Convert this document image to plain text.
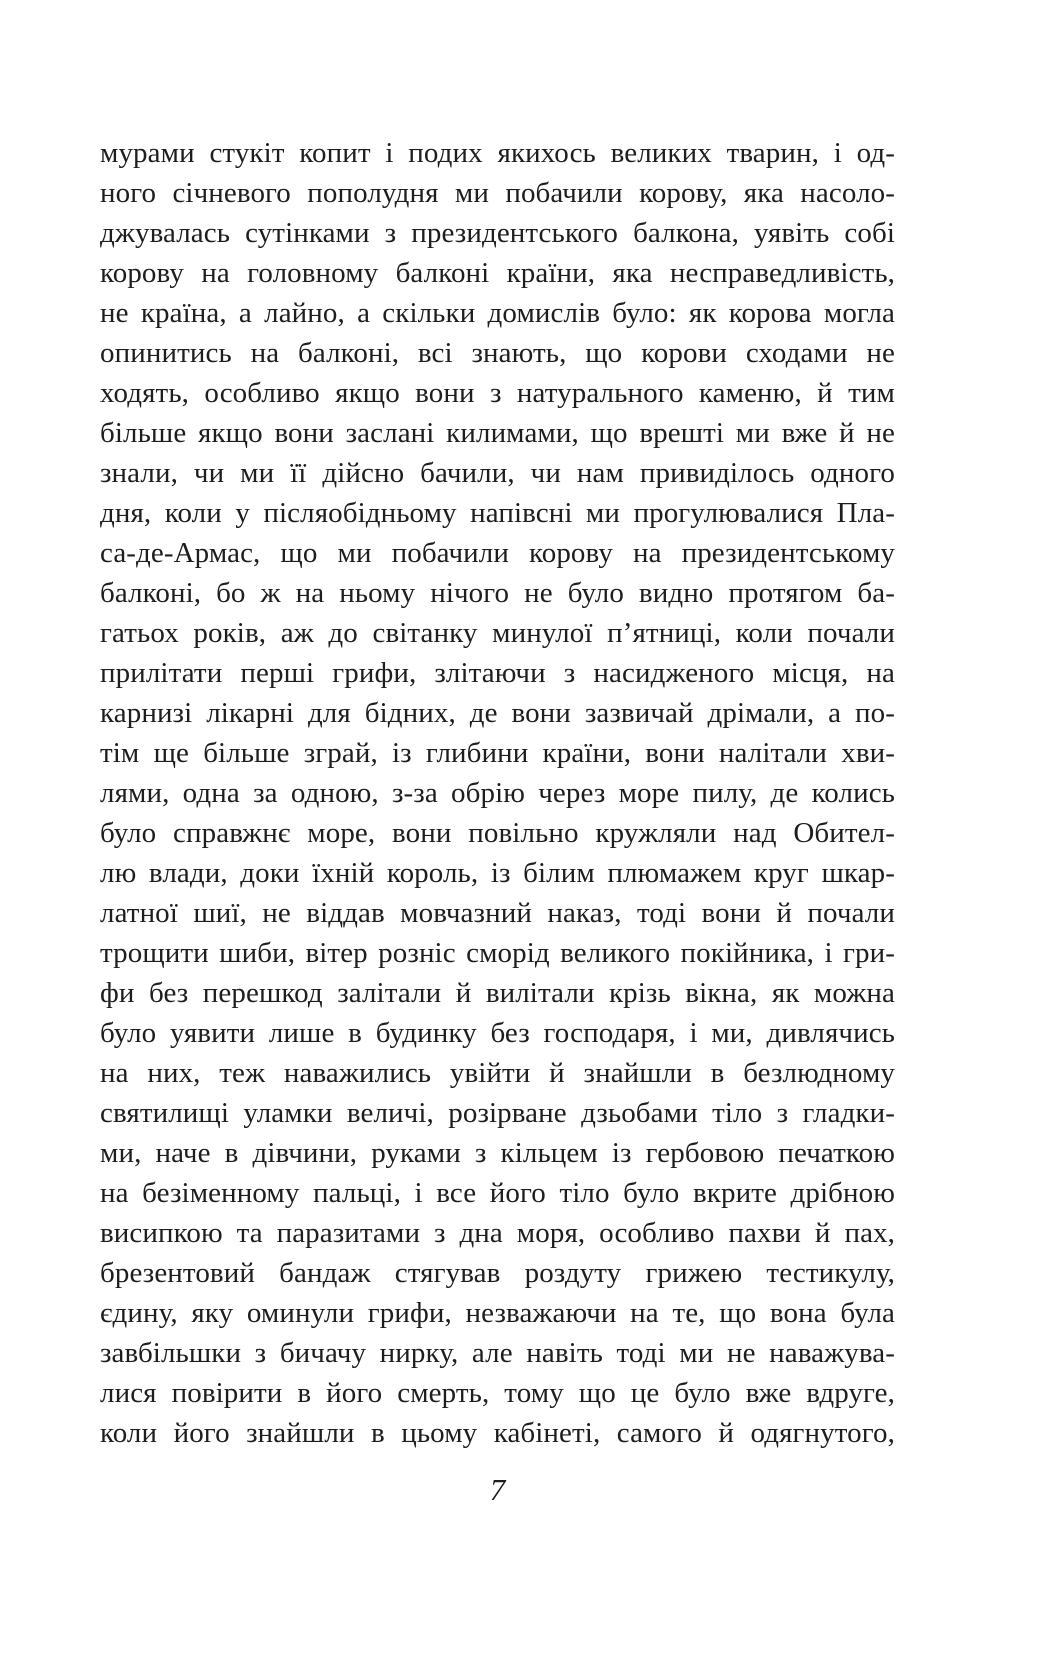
мурами стукіт копит і подих якихось великих тварин, і од-
ного січневого пополудня ми побачили корову, яка насоло-
джувалась сутінками з президентського балкона, уявіть собі
корову на головному балконі країни, яка несправедливість,
не країна, а лайно, а скільки домислів було: як корова могла
опинитись на балконі, всі знають, що корови сходами не
ходять, особливо якщо вони з натурального каменю, й тим
більше якщо вони заслані килимами, що врешті ми вже й не
знали, чи ми її дійсно бачили, чи нам привиділось одного
дня, коли у післяобідньому напівсні ми прогулювалися Пла-
са-де-Армас, що ми побачили корову на президентському
балконі, бо ж на ньому нічого не було видно протягом ба-
гатьох років, аж до світанку минулої п’ятниці, коли почали
прилітати перші грифи, злітаючи з насидженого місця, на
карнизі лікарні для бідних, де вони зазвичай дрімали, а по-
тім ще більше зграй, із глибини країни, вони налітали хви-
лями, одна за одною, з-за обрію через море пилу, де колись
було справжнє море, вони повільно кружляли над Обител-
лю влади, доки їхній король, із білим плюмажем круг шкар-
латної шиї, не віддав мовчазний наказ, тоді вони й почали
трощити шиби, вітер розніс сморід великого покійника, і гри-
фи без перешкод залітали й вилітали крізь вікна, як можна
було уявити лише в будинку без господаря, і ми, дивлячись
на них, теж наважились увійти й знайшли в безлюдному
святилищі уламки величі, розірване дзьобами тіло з гладки-
ми, наче в дівчини, руками з кільцем із гербовою печаткою
на безіменному пальці, і все його тіло було вкрите дрібною
висипкою та паразитами з дна моря, особливо пахви й пах,
брезентовий бандаж стягував роздуту грижею тестикулу,
єдину, яку оминули грифи, незважаючи на те, що вона була
завбільшки з бичачу нирку, але навіть тоді ми не наважува-
лися повірити в його смерть, тому що це було вже вдруге,
коли його знайшли в цьому кабінеті, самого й одягнутого,
7
